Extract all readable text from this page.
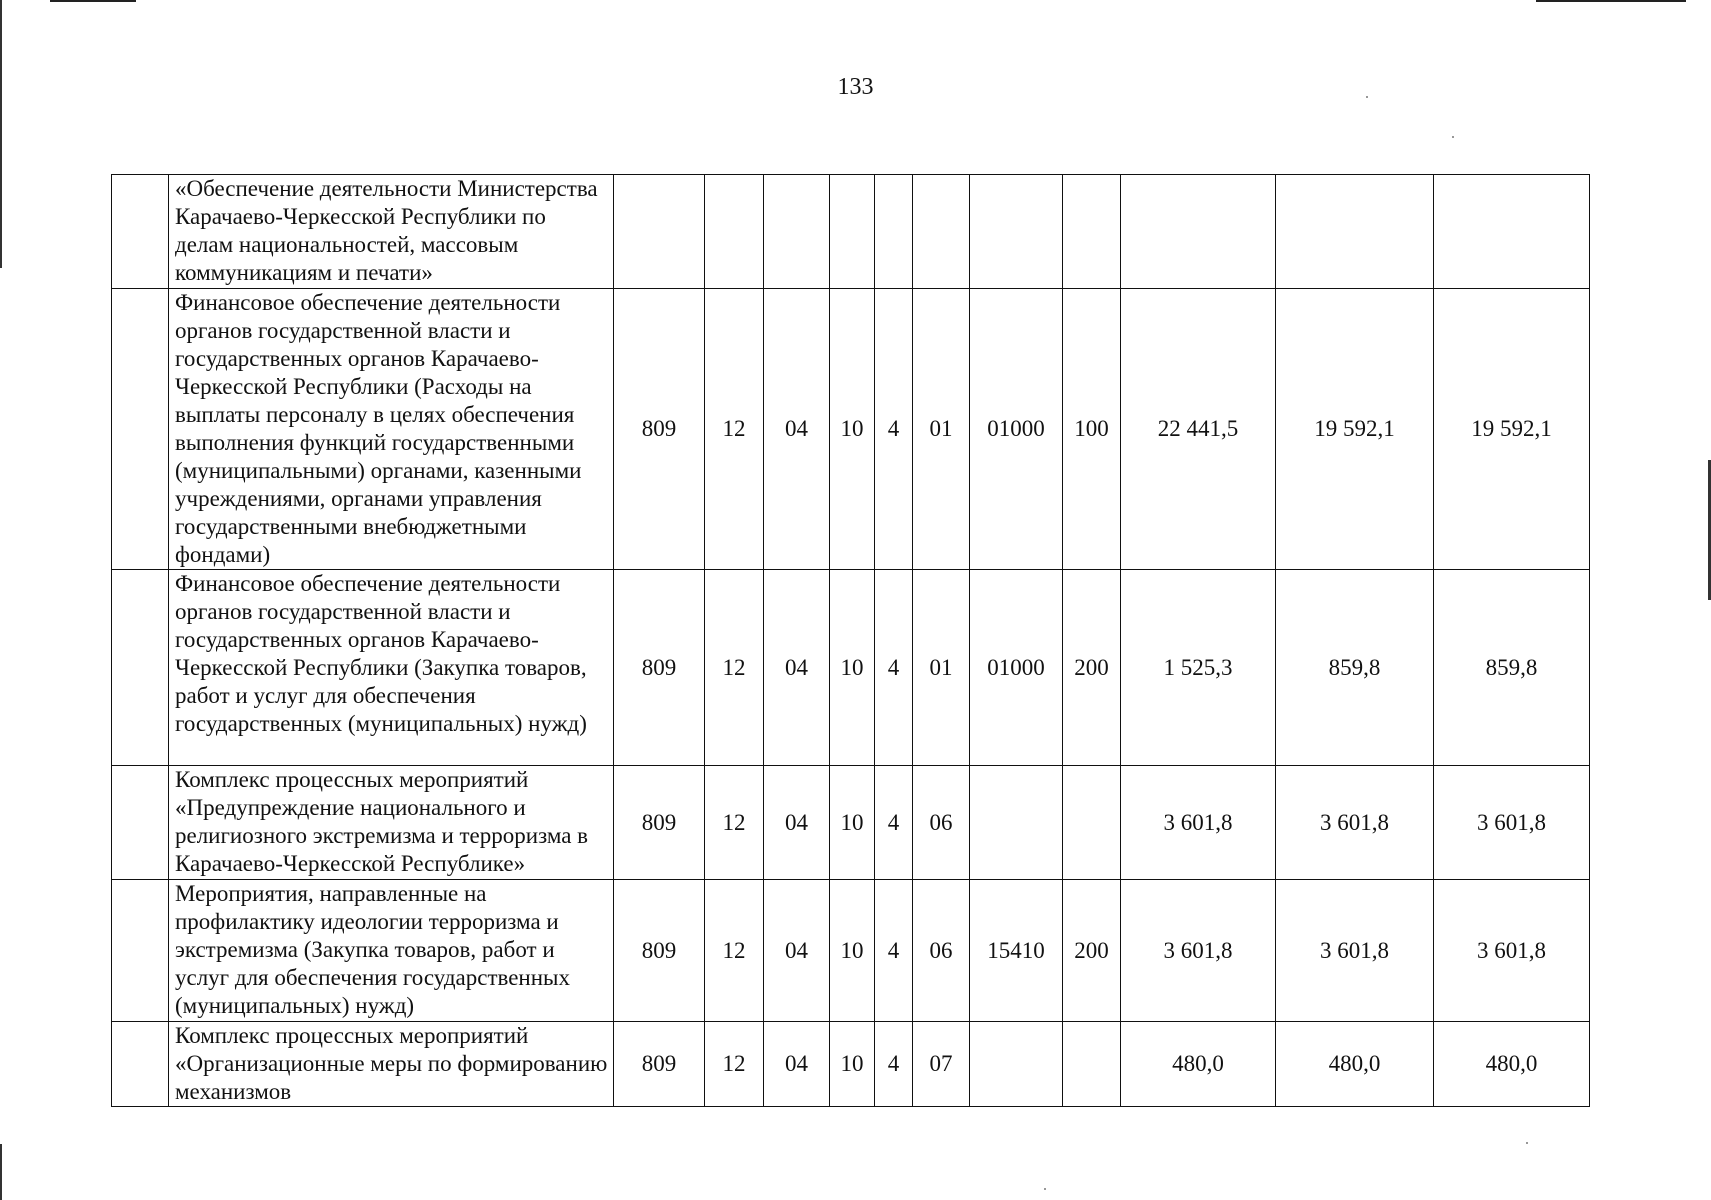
133
	«Обеспечение деятельности Министерства Карачаево-Черкесской Республики по делам национальностей, массовым коммуникациям и печати»											
	Финансовое обеспечение деятельности органов государственной власти и государственных органов Карачаево-Черкесской Республики (Расходы на выплаты персоналу в целях обеспечения выполнения функций государственными (муниципальными) органами, казенными учреждениями, органами управления государственными внебюджетными фондами)	809	12	04	10	4	01	01000	100	22 441,5	19 592,1	19 592,1
	Финансовое обеспечение деятельности органов государственной власти и государственных органов Карачаево-Черкесской Республики (Закупка товаров, работ и услуг для обеспечения государственных (муниципальных) нужд)	809	12	04	10	4	01	01000	200	1 525,3	859,8	859,8
	Комплекс процессных мероприятий «Предупреждение национального и религиозного экстремизма и терроризма в Карачаево-Черкесской Республике»	809	12	04	10	4	06			3 601,8	3 601,8	3 601,8
	Мероприятия, направленные на профилактику идеологии терроризма и экстремизма (Закупка товаров, работ и услуг для обеспечения государственных (муниципальных) нужд)	809	12	04	10	4	06	15410	200	3 601,8	3 601,8	3 601,8
	Комплекс процессных мероприятий «Организационные меры по формированию механизмов	809	12	04	10	4	07			480,0	480,0	480,0
